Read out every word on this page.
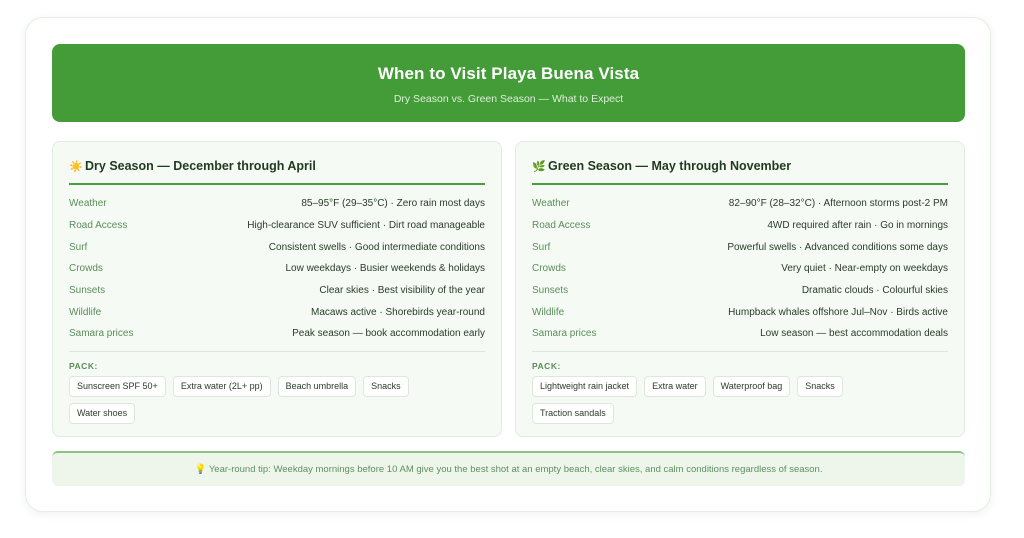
When to Visit Playa Buena Vista
Dry Season vs. Green Season — What to Expect
☀️ Dry Season — December through April
Weather	85–95°F (29–35°C) · Zero rain most days
Road Access	High-clearance SUV sufficient · Dirt road manageable
Surf	Consistent swells · Good intermediate conditions
Crowds	Low weekdays · Busier weekends & holidays
Sunsets	Clear skies · Best visibility of the year
Wildlife	Macaws active · Shorebirds year-round
Samara prices	Peak season — book accommodation early
PACK:
Sunscreen SPF 50+	Extra water (2L+ pp)	Beach umbrella	Snacks
Water shoes
🌿 Green Season — May through November
Weather	82–90°F (28–32°C) · Afternoon storms post-2 PM
Road Access	4WD required after rain · Go in mornings
Surf	Powerful swells · Advanced conditions some days
Crowds	Very quiet · Near-empty on weekdays
Sunsets	Dramatic clouds · Colourful skies
Wildlife	Humpback whales offshore Jul–Nov · Birds active
Samara prices	Low season — best accommodation deals
PACK:
Lightweight rain jacket	Extra water	Waterproof bag	Snacks
Traction sandals
💡 Year-round tip: Weekday mornings before 10 AM give you the best shot at an empty beach, clear skies, and calm conditions regardless of season.
